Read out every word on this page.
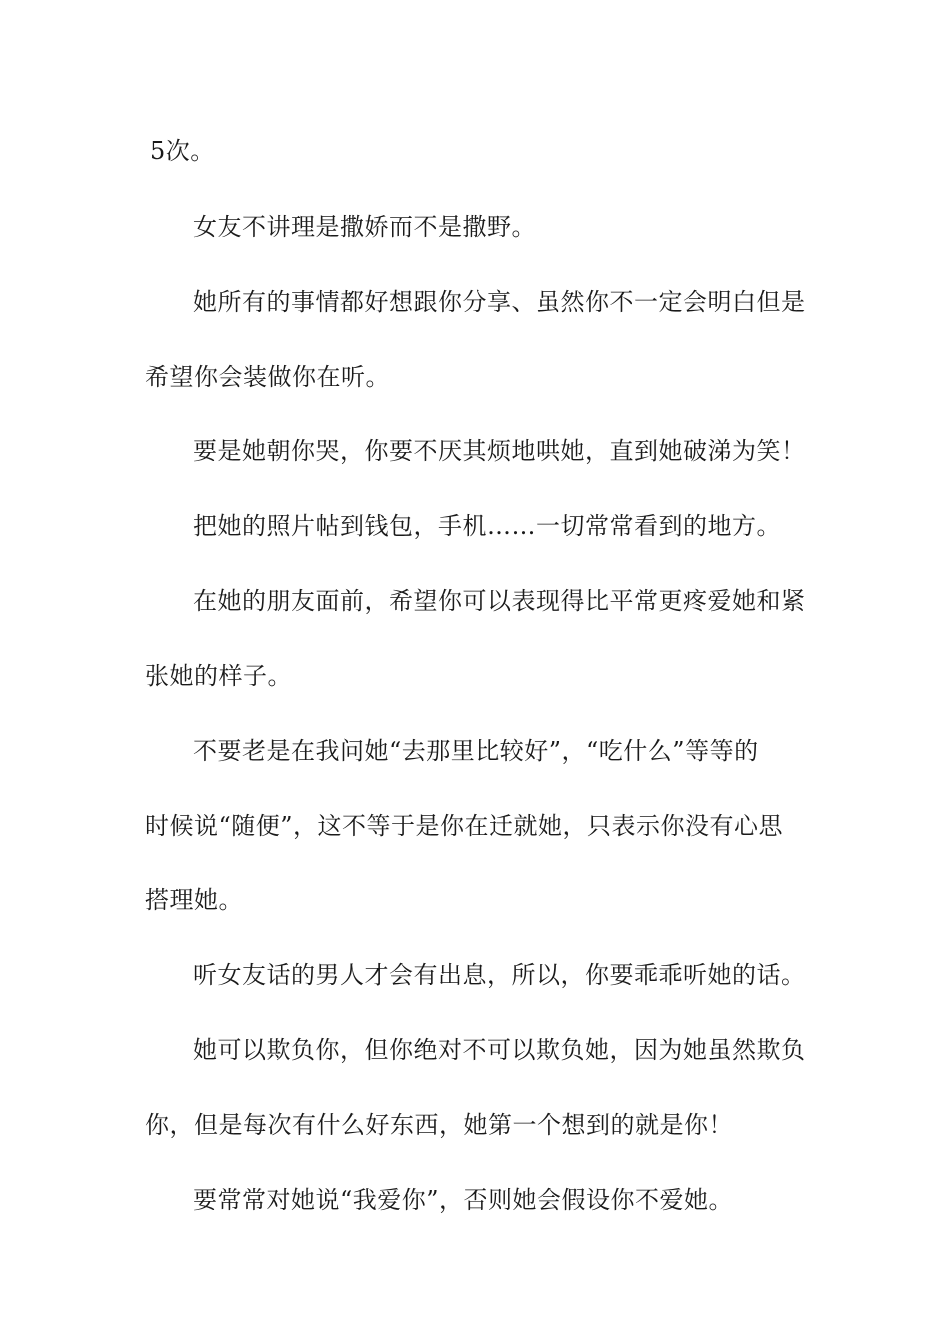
5次。
女友不讲理是撒娇而不是撒野。
她所有的事情都好想跟你分享、虽然你不一定会明白但是
希望你会装做你在听。
要是她朝你哭，你要不厌其烦地哄她，直到她破涕为笑！
把她的照片帖到钱包，手机……一切常常看到的地方。
在她的朋友面前，希望你可以表现得比平常更疼爱她和紧
张她的样子。
不要老是在我问她“去那里比较好”，“吃什么”等等的
时候说“随便”，这不等于是你在迁就她，只表示你没有心思
搭理她。
听女友话的男人才会有出息，所以，你要乖乖听她的话。
她可以欺负你，但你绝对不可以欺负她，因为她虽然欺负
你，但是每次有什么好东西，她第一个想到的就是你！
要常常对她说“我爱你”，否则她会假设你不爱她。
